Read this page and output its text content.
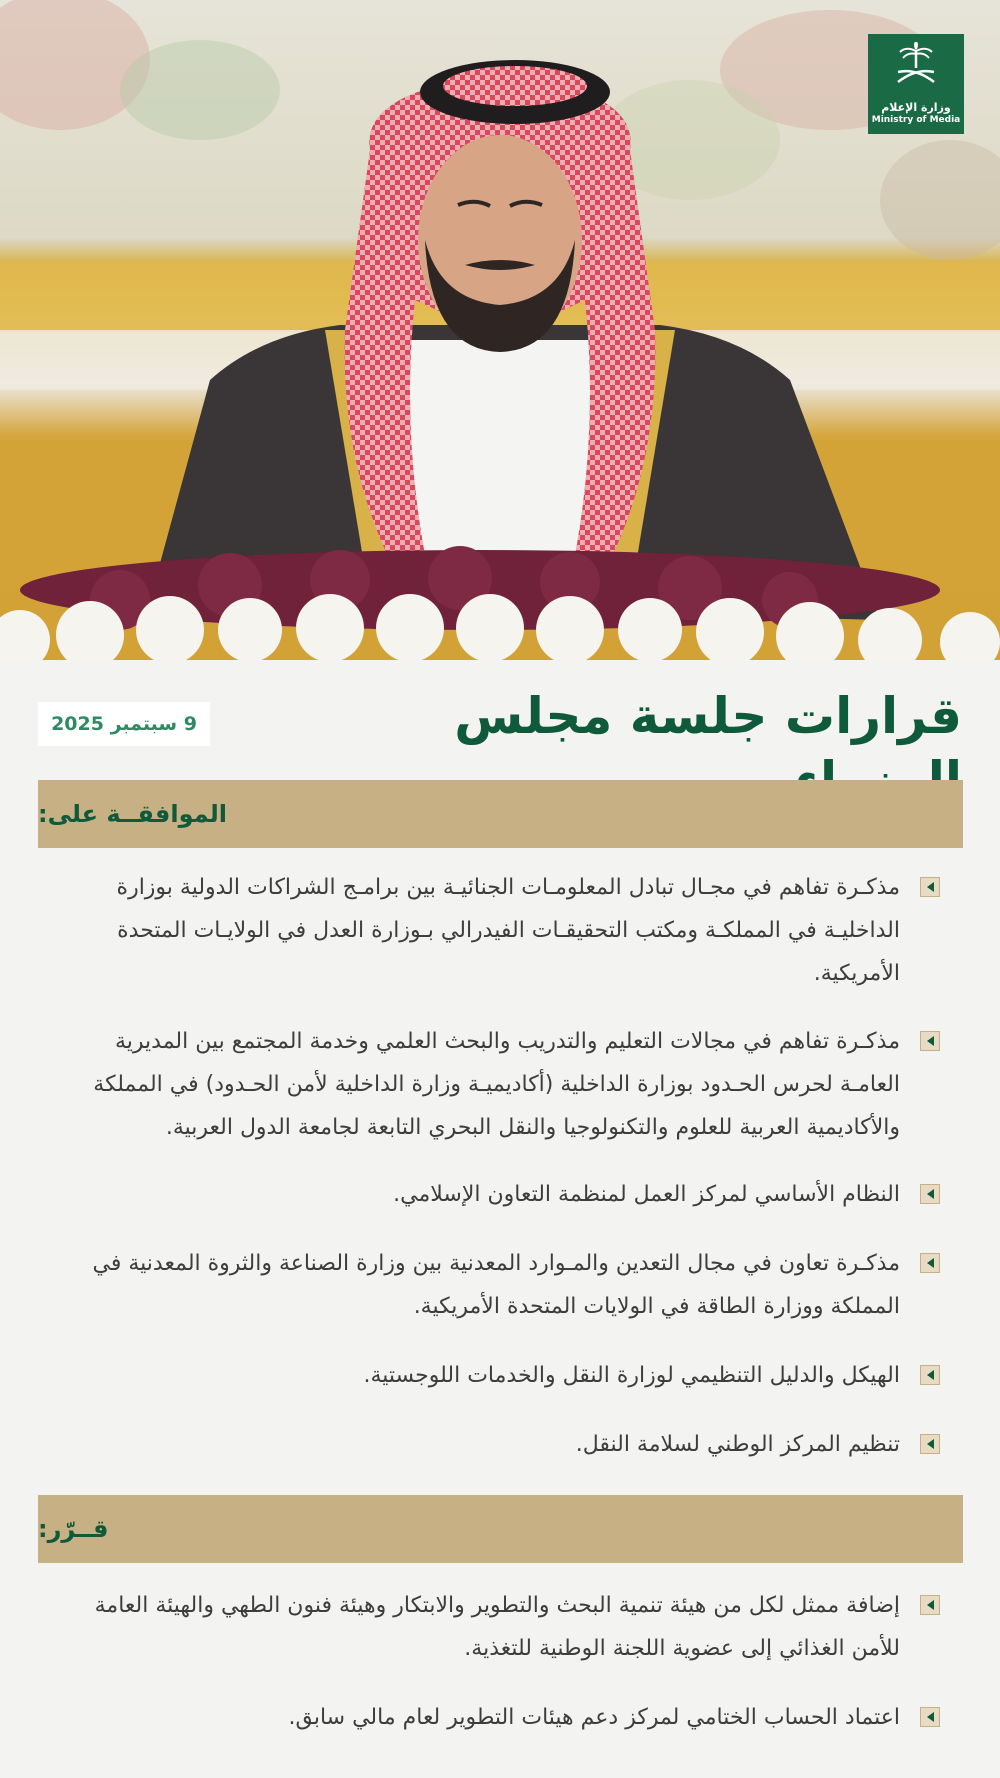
وزارة الإعلام
Ministry of Media
قرارات جلسة مجلس
9 سبتمبر 2025
الموافقــة على:

مذكـرة تفاهم في مجـال تبادل المعلومـات الجنائيـة بين برامـج الشراكات الدولية بوزارة الداخليـة في المملكـة ومكتب التحقيقـات الفيدرالي بـوزارة العدل في الولايـات المتحدة الأمريكية.

مذكـرة تفاهم في مجالات التعليم والتدريب والبحث العلمي وخدمة المجتمع بين المديرية العامـة لحرس الحـدود بوزارة الداخلية (أكاديميـة وزارة الداخلية لأمن الحـدود) في المملكة والأكاديمية العربية للعلوم والتكنولوجيا والنقل البحري التابعة لجامعة الدول العربية.

النظام الأساسي لمركز العمل لمنظمة التعاون الإسلامي.

مذكـرة تعاون في مجال التعدين والمـوارد المعدنية بين وزارة الصناعة والثروة المعدنية في المملكة ووزارة الطاقة في الولايات المتحدة الأمريكية.

الهيكل والدليل التنظيمي لوزارة النقل والخدمات اللوجستية.

تنظيم المركز الوطني لسلامة النقل.

قــرّر:

إضافة ممثل لكل من هيئة تنمية البحث والتطوير والابتكار وهيئة فنون الطهي والهيئة العامة للأمن الغذائي إلى عضوية اللجنة الوطنية للتغذية.

اعتماد الحساب الختامي لمركز دعم هيئات التطوير لعام مالي سابق.
